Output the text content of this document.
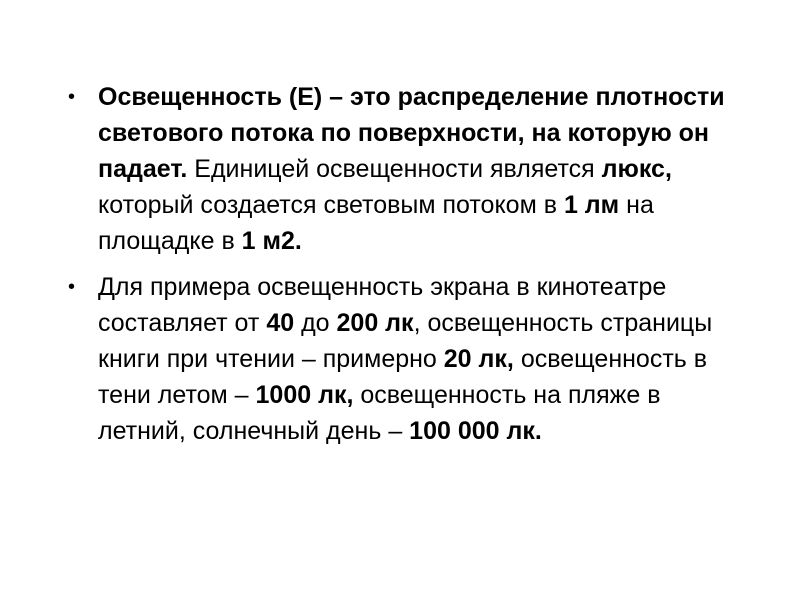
• Освещенность (Е) – это распределение плотности светового потока по поверхности, на которую он падает. Единицей освещенности является люкс, который создается световым потоком в 1 лм на площадке в 1 м2.
• Для примера освещенность экрана в кинотеатре составляет от 40 до 200 лк, освещенность страницы книги при чтении – примерно 20 лк, освещенность в тени летом – 1000 лк, освещенность на пляже в летний, солнечный день – 100 000 лк.
